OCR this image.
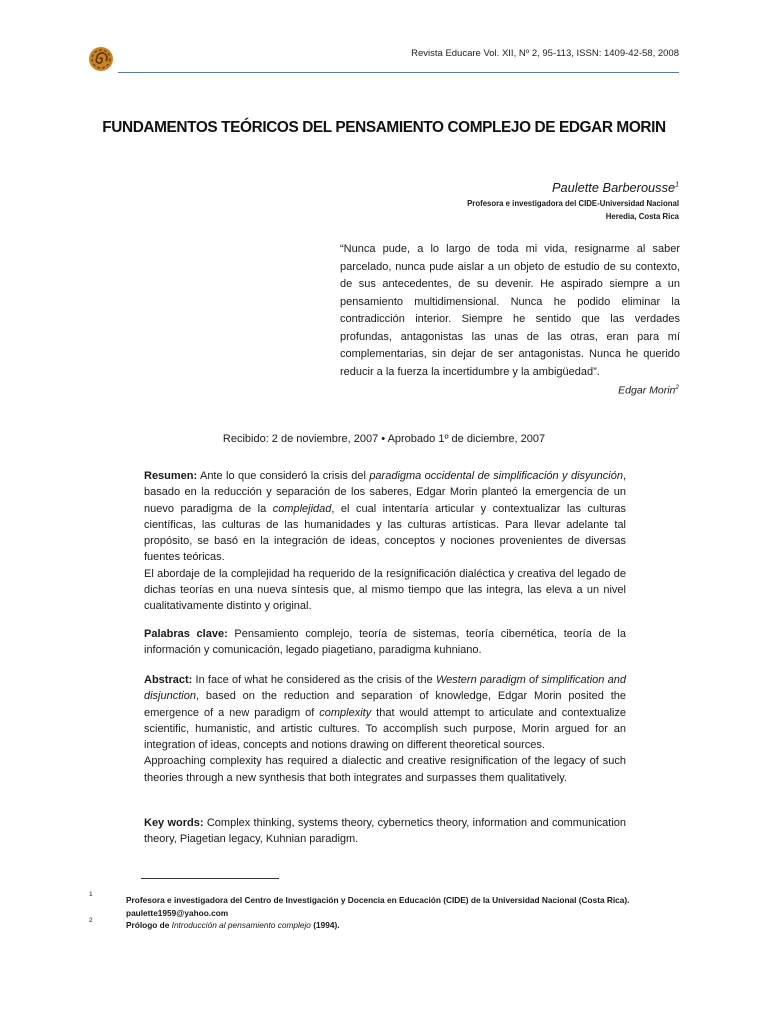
Revista Educare Vol. XII, Nº 2, 95-113, ISSN: 1409-42-58, 2008
FUNDAMENTOS TEÓRICOS DEL PENSAMIENTO COMPLEJO DE EDGAR MORIN
Paulette Barberousse$^1$
Profesora e investigadora del CIDE-Universidad Nacional
Heredia, Costa Rica
“Nunca pude, a lo largo de toda mi vida, resignarme al saber parcelado, nunca pude aislar a un objeto de estudio de su contexto, de sus antecedentes, de su devenir. He aspirado siempre a un pensamiento multidimensional. Nunca he podido eliminar la contradicción interior. Siempre he sentido que las verdades profundas, antagonistas las unas de las otras, eran para mí complementarias, sin dejar de ser antagonistas. Nunca he querido reducir a la fuerza la incertidumbre y la ambigüedad”.
Edgar Morin$^2$
Recibido: 2 de noviembre, 2007 • Aprobado 1º de diciembre, 2007

Resumen: Ante lo que consideró la crisis del paradigma occidental de simplificación y disyunción, basado en la reducción y separación de los saberes, Edgar Morin planteó la emergencia de un nuevo paradigma de la complejidad, el cual intentaría articular y contextualizar las culturas científicas, las culturas de las humanidades y las culturas artísticas. Para llevar adelante tal propósito, se basó en la integración de ideas, conceptos y nociones provenientes de diversas fuentes teóricas.

El abordaje de la complejidad ha requerido de la resignificación dialéctica y creativa del legado de dichas teorías en una nueva síntesis que, al mismo tiempo que las integra, las eleva a un nivel cualitativamente distinto y original.

Palabras clave: Pensamiento complejo, teoría de sistemas, teoría cibernética, teoría de la información y comunicación, legado piagetiano, paradigma kuhniano.

Abstract: In face of what he considered as the crisis of the Western paradigm of simplification and disjunction, based on the reduction and separation of knowledge, Edgar Morin posited the emergence of a new paradigm of complexity that would attempt to articulate and contextualize scientific, humanistic, and artistic cultures. To accomplish such purpose, Morin argued for an integration of ideas, concepts and notions drawing on different theoretical sources.

Approaching complexity has required a dialectic and creative resignification of the legacy of such theories through a new synthesis that both integrates and surpasses them qualitatively.

Key words: Complex thinking, systems theory, cybernetics theory, information and communication theory, Piagetian legacy, Kuhnian paradigm.

1
Profesora e investigadora del Centro de Investigación y Docencia en Educación (CIDE) de la Universidad Nacional (Costa Rica). paulette1959@yahoo.com
2	Prólogo de Introducción al pensamiento complejo (1994).
